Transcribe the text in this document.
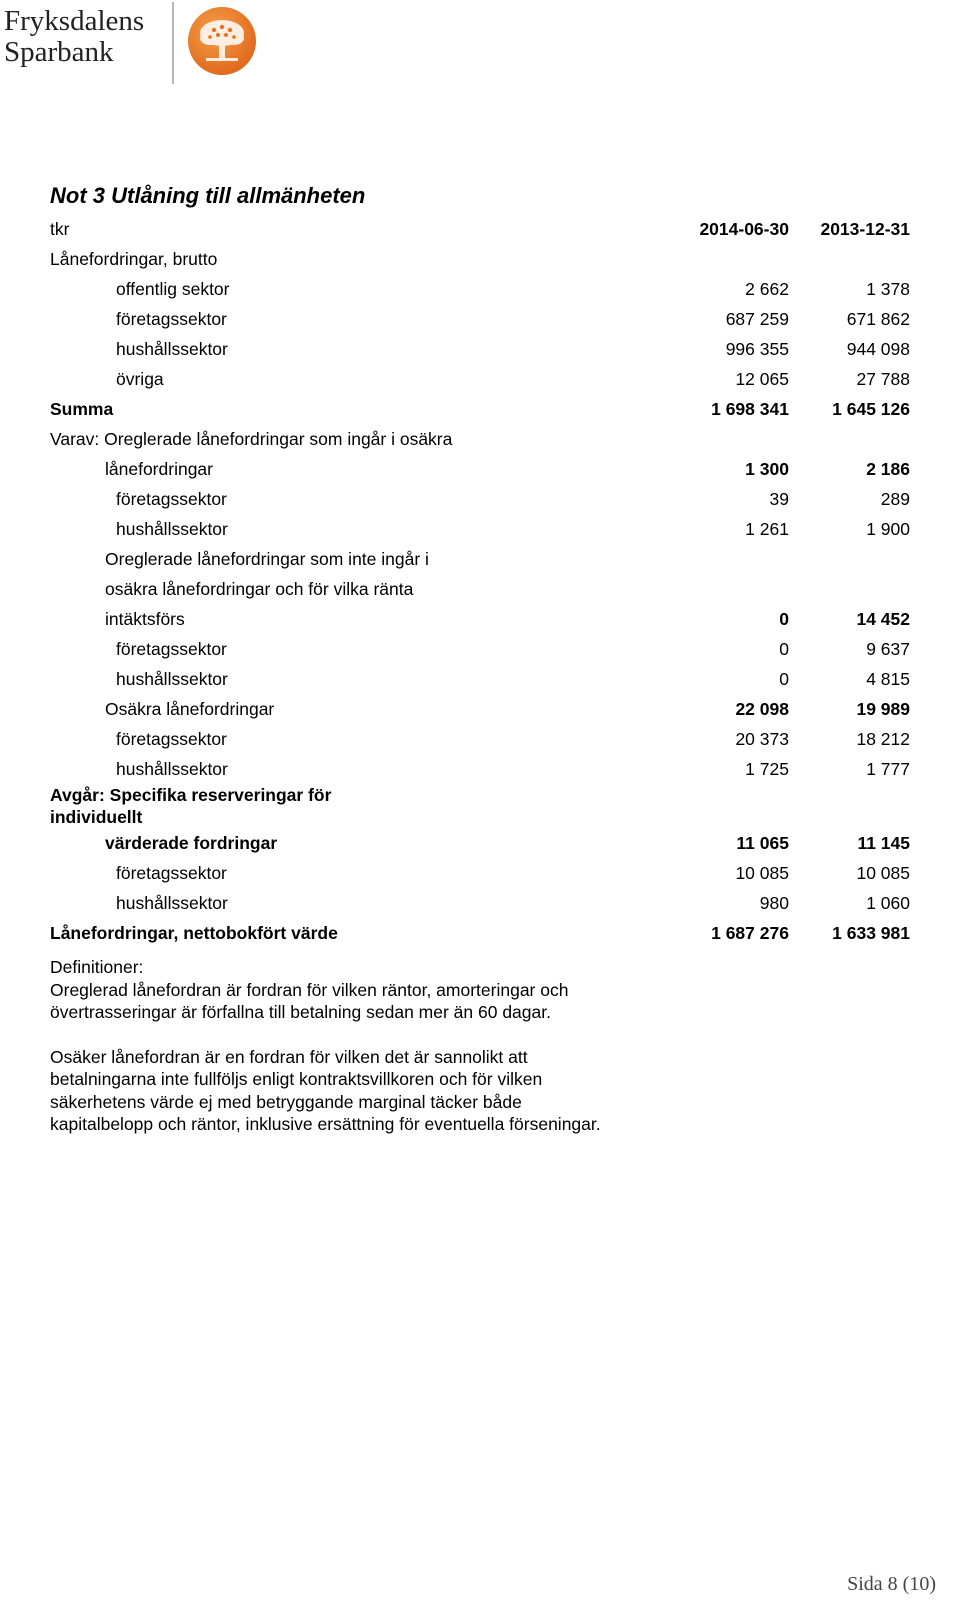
Fryksdalens
Sparbank
Not 3 Utlåning till allmänheten
tkr	2014-06-30	2013-12-31
Lånefordringar, brutto		
offentlig sektor	2 662	1 378
företagssektor	687 259	671 862
hushållssektor	996 355	944 098
övriga	12 065	27 788
Summa	1 698 341	1 645 126
Varav: Oreglerade lånefordringar som ingår i osäkra		
lånefordringar	1 300	2 186
företagssektor	39	289
hushållssektor	1 261	1 900
Oreglerade lånefordringar som inte ingår i		
osäkra lånefordringar och för vilka ränta		
intäktsförs	0	14 452
företagssektor	0	9 637
hushållssektor	0	4 815
Osäkra lånefordringar	22 098	19 989
företagssektor	20 373	18 212
hushållssektor	1 725	1 777
Avgår: Specifika reserveringar för individuellt		
värderade fordringar	11 065	11 145
företagssektor	10 085	10 085
hushållssektor	980	1 060
Lånefordringar, nettobokfört värde	1 687 276	1 633 981

Definitioner:

Oreglerad lånefordran är fordran för vilken räntor, amorteringar och övertrasseringar är förfallna till betalning sedan mer än 60 dagar.

Osäker lånefordran är en fordran för vilken det är sannolikt att betalningarna inte fullföljs enligt kontraktsvillkoren och för vilken säkerhetens värde ej med betryggande marginal täcker både kapitalbelopp och räntor, inklusive ersättning för eventuella förseningar.

Sida 8 (10)
